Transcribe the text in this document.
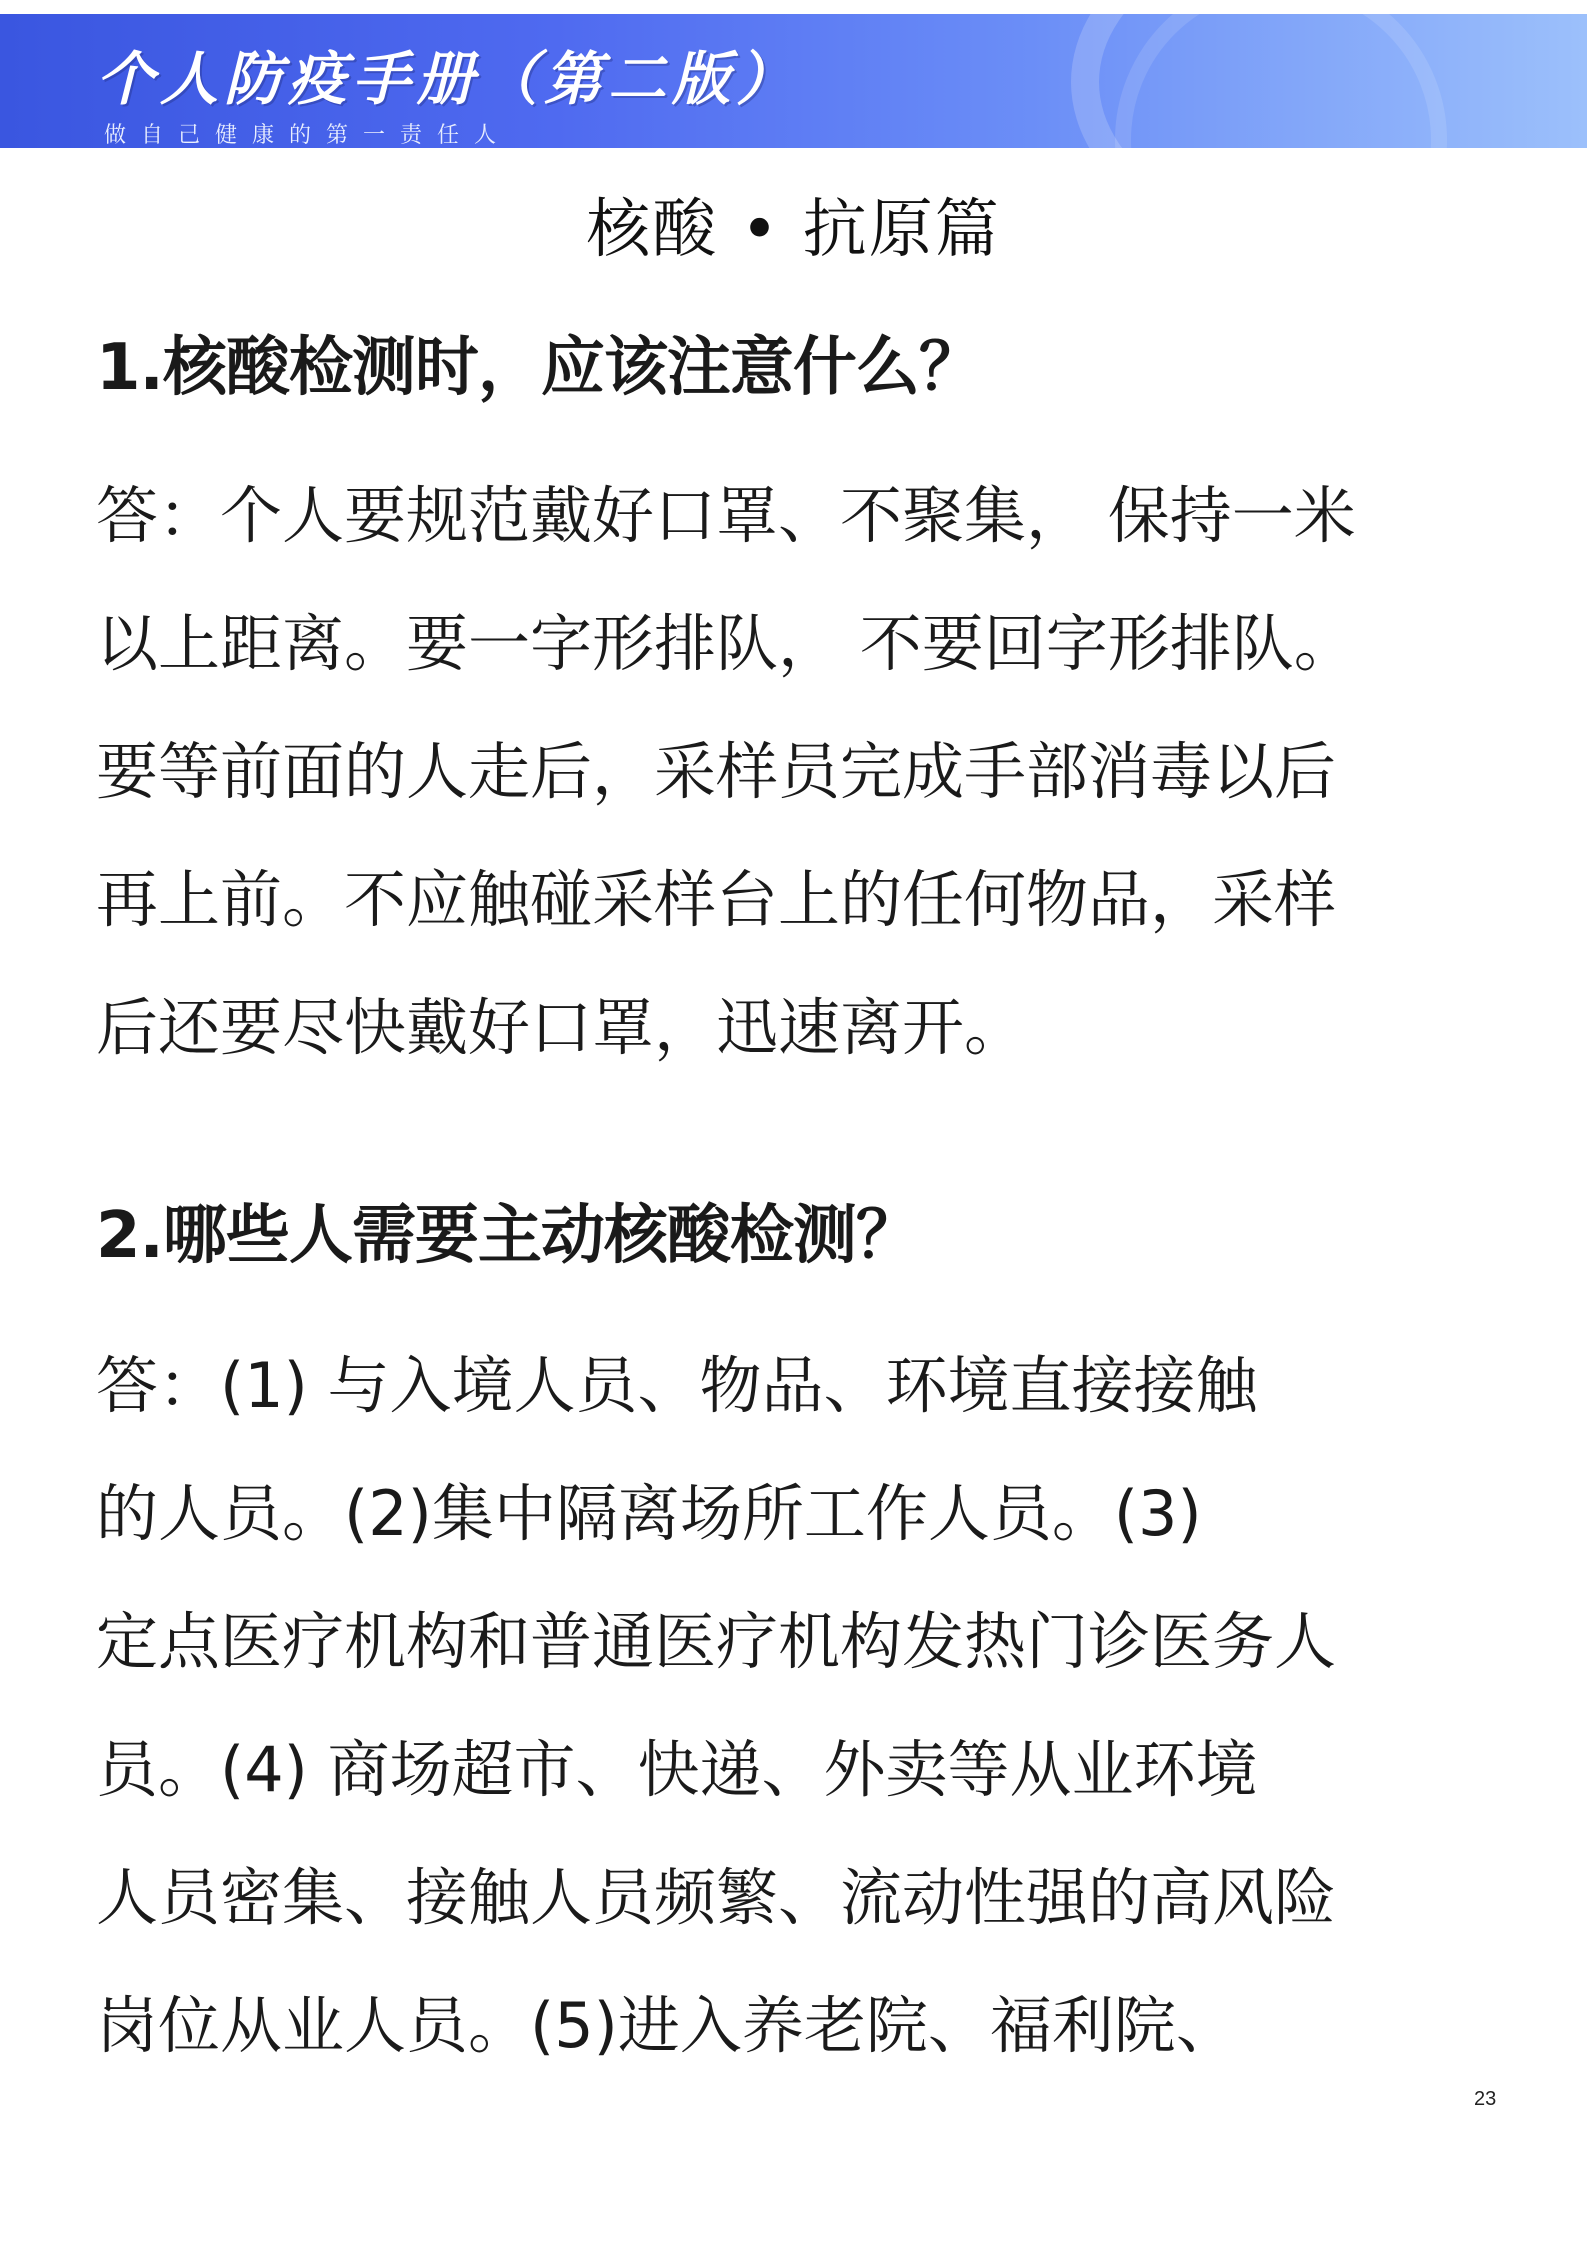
个人防疫手册（第二版）
做自己健康的第一责任人
核酸 • 抗原篇
1.核酸检测时，应该注意什么？
答：个人要规范戴好口罩、不聚集， 保持一米
以上距离。要一字形排队， 不要回字形排队。
要等前面的人走后，采样员完成手部消毒以后
再上前。不应触碰采样台上的任何物品，采样
后还要尽快戴好口罩，迅速离开。
2.哪些人需要主动核酸检测？
答：(1) 与入境人员、物品、环境直接接触
的人员。(2)集中隔离场所工作人员。(3)
定点医疗机构和普通医疗机构发热门诊医务人
员。(4) 商场超市、快递、外卖等从业环境
人员密集、接触人员频繁、流动性强的高风险
岗位从业人员。(5)进入养老院、福利院、
23
